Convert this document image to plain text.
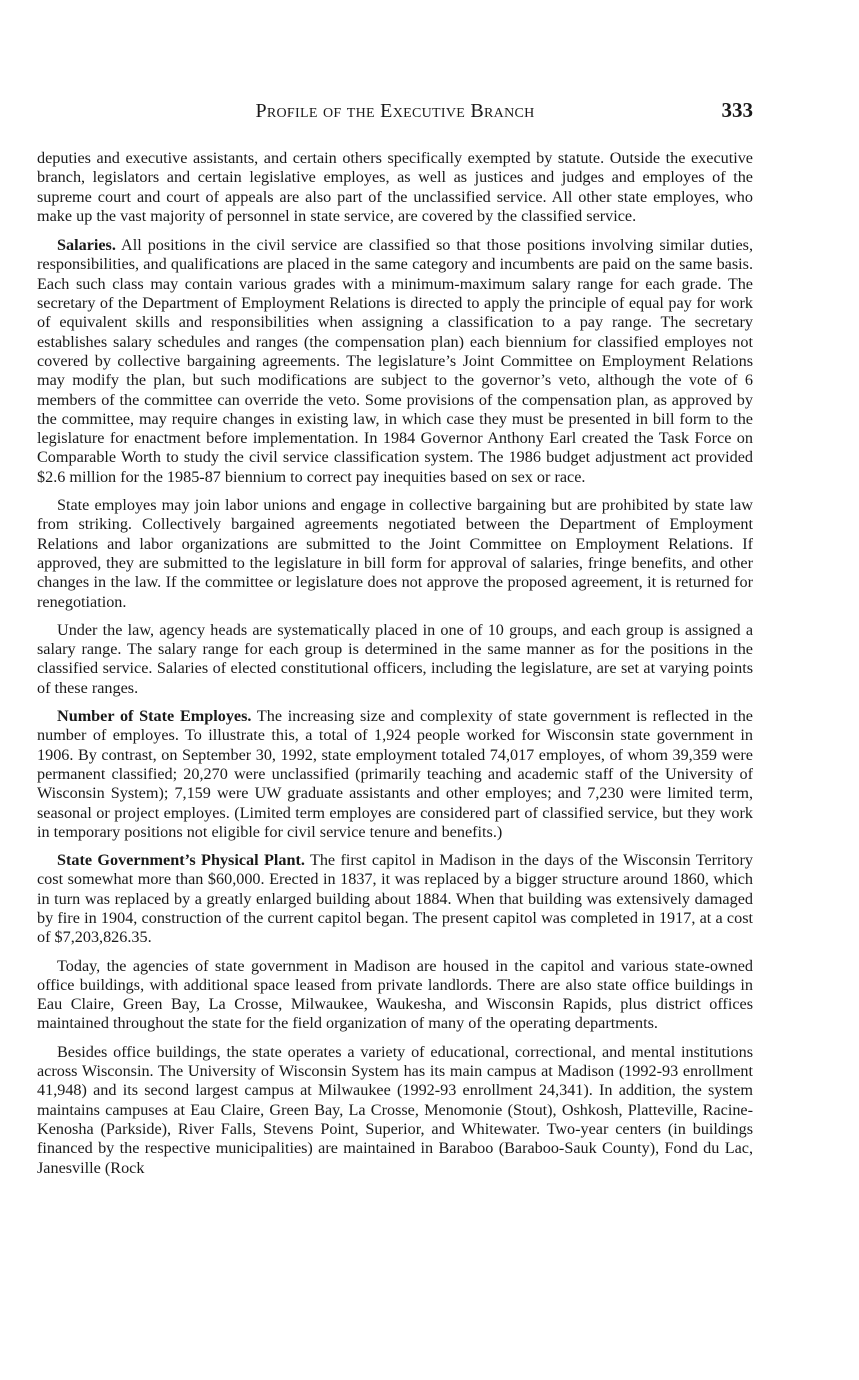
Profile of the Executive Branch	333

deputies and executive assistants, and certain others specifically exempted by statute. Outside the executive branch, legislators and certain legislative employes, as well as justices and judges and employes of the supreme court and court of appeals are also part of the unclassified service. All other state employes, who make up the vast majority of personnel in state service, are covered by the classified service.

Salaries. All positions in the civil service are classified so that those positions involving similar duties, responsibilities, and qualifications are placed in the same category and incumbents are paid on the same basis. Each such class may contain various grades with a minimum-maximum salary range for each grade. The secretary of the Department of Employment Relations is directed to apply the principle of equal pay for work of equivalent skills and responsibilities when assigning a classification to a pay range. The secretary establishes salary schedules and ranges (the compensation plan) each biennium for classified employes not covered by collective bargaining agreements. The legislature’s Joint Committee on Employment Relations may modify the plan, but such modifications are subject to the governor’s veto, although the vote of 6 members of the committee can override the veto. Some provisions of the compensation plan, as approved by the committee, may require changes in existing law, in which case they must be presented in bill form to the legislature for enactment before implementation. In 1984 Governor Anthony Earl created the Task Force on Comparable Worth to study the civil service classification system. The 1986 budget adjustment act provided $2.6 million for the 1985-87 biennium to correct pay inequities based on sex or race.

State employes may join labor unions and engage in collective bargaining but are prohibited by state law from striking. Collectively bargained agreements negotiated between the Department of Employment Relations and labor organizations are submitted to the Joint Committee on Employment Relations. If approved, they are submitted to the legislature in bill form for approval of salaries, fringe benefits, and other changes in the law. If the committee or legislature does not approve the proposed agreement, it is returned for renegotiation.

Under the law, agency heads are systematically placed in one of 10 groups, and each group is assigned a salary range. The salary range for each group is determined in the same manner as for the positions in the classified service. Salaries of elected constitutional officers, including the legislature, are set at varying points of these ranges.

Number of State Employes. The increasing size and complexity of state government is reflected in the number of employes. To illustrate this, a total of 1,924 people worked for Wisconsin state government in 1906. By contrast, on September 30, 1992, state employment totaled 74,017 employes, of whom 39,359 were permanent classified; 20,270 were unclassified (primarily teaching and academic staff of the University of Wisconsin System); 7,159 were UW graduate assistants and other employes; and 7,230 were limited term, seasonal or project employes. (Limited term employes are considered part of classified service, but they work in temporary positions not eligible for civil service tenure and benefits.)

State Government’s Physical Plant. The first capitol in Madison in the days of the Wisconsin Territory cost somewhat more than $60,000. Erected in 1837, it was replaced by a bigger structure around 1860, which in turn was replaced by a greatly enlarged building about 1884. When that building was extensively damaged by fire in 1904, construction of the current capitol began. The present capitol was completed in 1917, at a cost of $7,203,826.35.

Today, the agencies of state government in Madison are housed in the capitol and various state-owned office buildings, with additional space leased from private landlords. There are also state office buildings in Eau Claire, Green Bay, La Crosse, Milwaukee, Waukesha, and Wisconsin Rapids, plus district offices maintained throughout the state for the field organization of many of the operating departments.

Besides office buildings, the state operates a variety of educational, correctional, and mental institutions across Wisconsin. The University of Wisconsin System has its main campus at Madison (1992-93 enrollment 41,948) and its second largest campus at Milwaukee (1992-93 enrollment 24,341). In addition, the system maintains campuses at Eau Claire, Green Bay, La Crosse, Menomonie (Stout), Oshkosh, Platteville, Racine-Kenosha (Parkside), River Falls, Stevens Point, Superior, and Whitewater. Two-year centers (in buildings financed by the respective municipalities) are maintained in Baraboo (Baraboo-Sauk County), Fond du Lac, Janesville (Rock
